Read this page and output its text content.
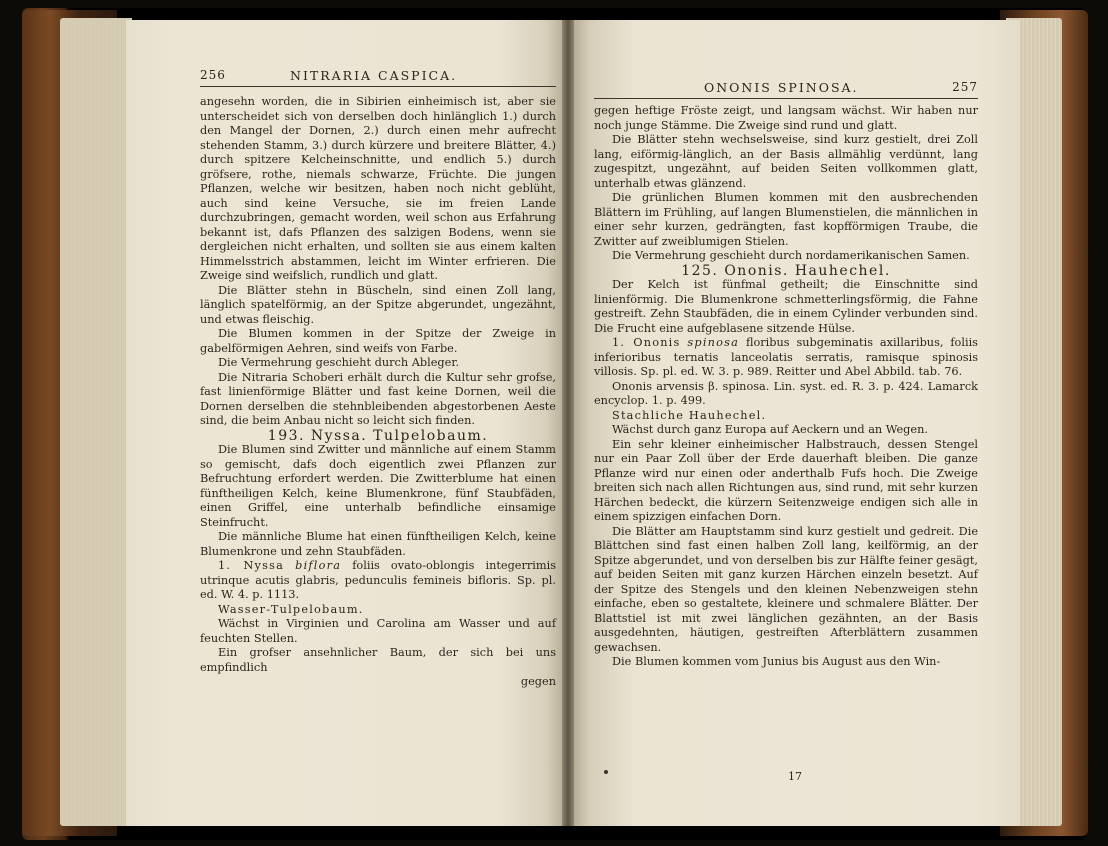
256	NITRARIA CASPICA.

angesehn worden, die in Sibirien einheimisch ist, aber sie unterscheidet sich von derselben doch hinlänglich 1.) durch den Mangel der Dornen, 2.) durch einen mehr aufrecht stehenden Stamm, 3.) durch kürzere und breitere Blätter, 4.) durch spitzere Kelcheinschnitte, und endlich 5.) durch gröfsere, rothe, niemals schwarze, Früchte. Die jungen Pflanzen, welche wir besitzen, haben noch nicht geblüht, auch sind keine Versuche, sie im freien Lande durchzubringen, gemacht worden, weil schon aus Erfahrung bekannt ist, dafs Pflanzen des salzigen Bodens, wenn sie dergleichen nicht erhalten, und sollten sie aus einem kalten Himmelsstrich abstammen, leicht im Winter erfrieren. Die Zweige sind weifslich, rundlich und glatt.

Die Blätter stehn in Büscheln, sind einen Zoll lang, länglich spatelförmig, an der Spitze abgerundet, ungezähnt, und etwas fleischig.

Die Blumen kommen in der Spitze der Zweige in gabelförmigen Aehren, sind weifs von Farbe.

Die Vermehrung geschieht durch Ableger.

Die Nitraria Schoberi erhält durch die Kultur sehr grofse, fast linienförmige Blätter und fast keine Dornen, weil die Dornen derselben die stehnbleibenden abgestorbenen Aeste sind, die beim Anbau nicht so leicht sich finden.

193. Nyssa. Tulpelobaum.

Die Blumen sind Zwitter und männliche auf einem Stamm so gemischt, dafs doch eigentlich zwei Pflanzen zur Befruchtung erfordert werden. Die Zwitterblume hat einen fünftheiligen Kelch, keine Blumenkrone, fünf Staubfäden, einen Griffel, eine unterhalb befindliche einsamige Steinfrucht.

Die männliche Blume hat einen fünftheiligen Kelch, keine Blumenkrone und zehn Staubfäden.

1. Nyssa biflora foliis ovato-oblongis integerrimis utrinque acutis glabris, pedunculis femineis bifloris. Sp. pl. ed. W. 4. p. 1113.

Wasser-Tulpelobaum.

Wächst in Virginien und Carolina am Wasser und auf feuchten Stellen.

Ein grofser ansehnlicher Baum, der sich bei uns empfindlich

gegen

ONONIS SPINOSA.	257

gegen heftige Fröste zeigt, und langsam wächst. Wir haben nur noch junge Stämme. Die Zweige sind rund und glatt.

Die Blätter stehn wechselsweise, sind kurz gestielt, drei Zoll lang, eiförmig-länglich, an der Basis allmählig verdünnt, lang zugespitzt, ungezähnt, auf beiden Seiten vollkommen glatt, unterhalb etwas glänzend.

Die grünlichen Blumen kommen mit den ausbrechenden Blättern im Frühling, auf langen Blumenstielen, die männlichen in einer sehr kurzen, gedrängten, fast kopfförmigen Traube, die Zwitter auf zweiblumigen Stielen.

Die Vermehrung geschieht durch nordamerikanischen Samen.

125. Ononis. Hauhechel.

Der Kelch ist fünfmal getheilt; die Einschnitte sind linienförmig. Die Blumenkrone schmetterlingsförmig, die Fahne gestreift. Zehn Staubfäden, die in einem Cylinder verbunden sind. Die Frucht eine aufgeblasene sitzende Hülse.

1. Ononis spinosa floribus subgeminatis axillaribus, foliis inferioribus ternatis lanceolatis serratis, ramisque spinosis villosis. Sp. pl. ed. W. 3. p. 989. Reitter und Abel Abbild. tab. 76.

Ononis arvensis β. spinosa. Lin. syst. ed. R. 3. p. 424. Lamarck encyclop. 1. p. 499.

Stachliche Hauhechel.

Wächst durch ganz Europa auf Aeckern und an Wegen.

Ein sehr kleiner einheimischer Halbstrauch, dessen Stengel nur ein Paar Zoll über der Erde dauerhaft bleiben. Die ganze Pflanze wird nur einen oder anderthalb Fufs hoch. Die Zweige breiten sich nach allen Richtungen aus, sind rund, mit sehr kurzen Härchen bedeckt, die kürzern Seitenzweige endigen sich alle in einem spizzigen einfachen Dorn.

Die Blätter am Hauptstamm sind kurz gestielt und gedreit. Die Blättchen sind fast einen halben Zoll lang, keilförmig, an der Spitze abgerundet, und von derselben bis zur Hälfte feiner gesägt, auf beiden Seiten mit ganz kurzen Härchen einzeln besetzt. Auf der Spitze des Stengels und den kleinen Nebenzweigen stehn einfache, eben so gestaltete, kleinere und schmalere Blätter. Der Blattstiel ist mit zwei länglichen gezähnten, an der Basis ausgedehnten, häutigen, gestreiften Afterblättern zusammen gewachsen.

Die Blumen kommen vom Junius bis August aus den Win-

17
